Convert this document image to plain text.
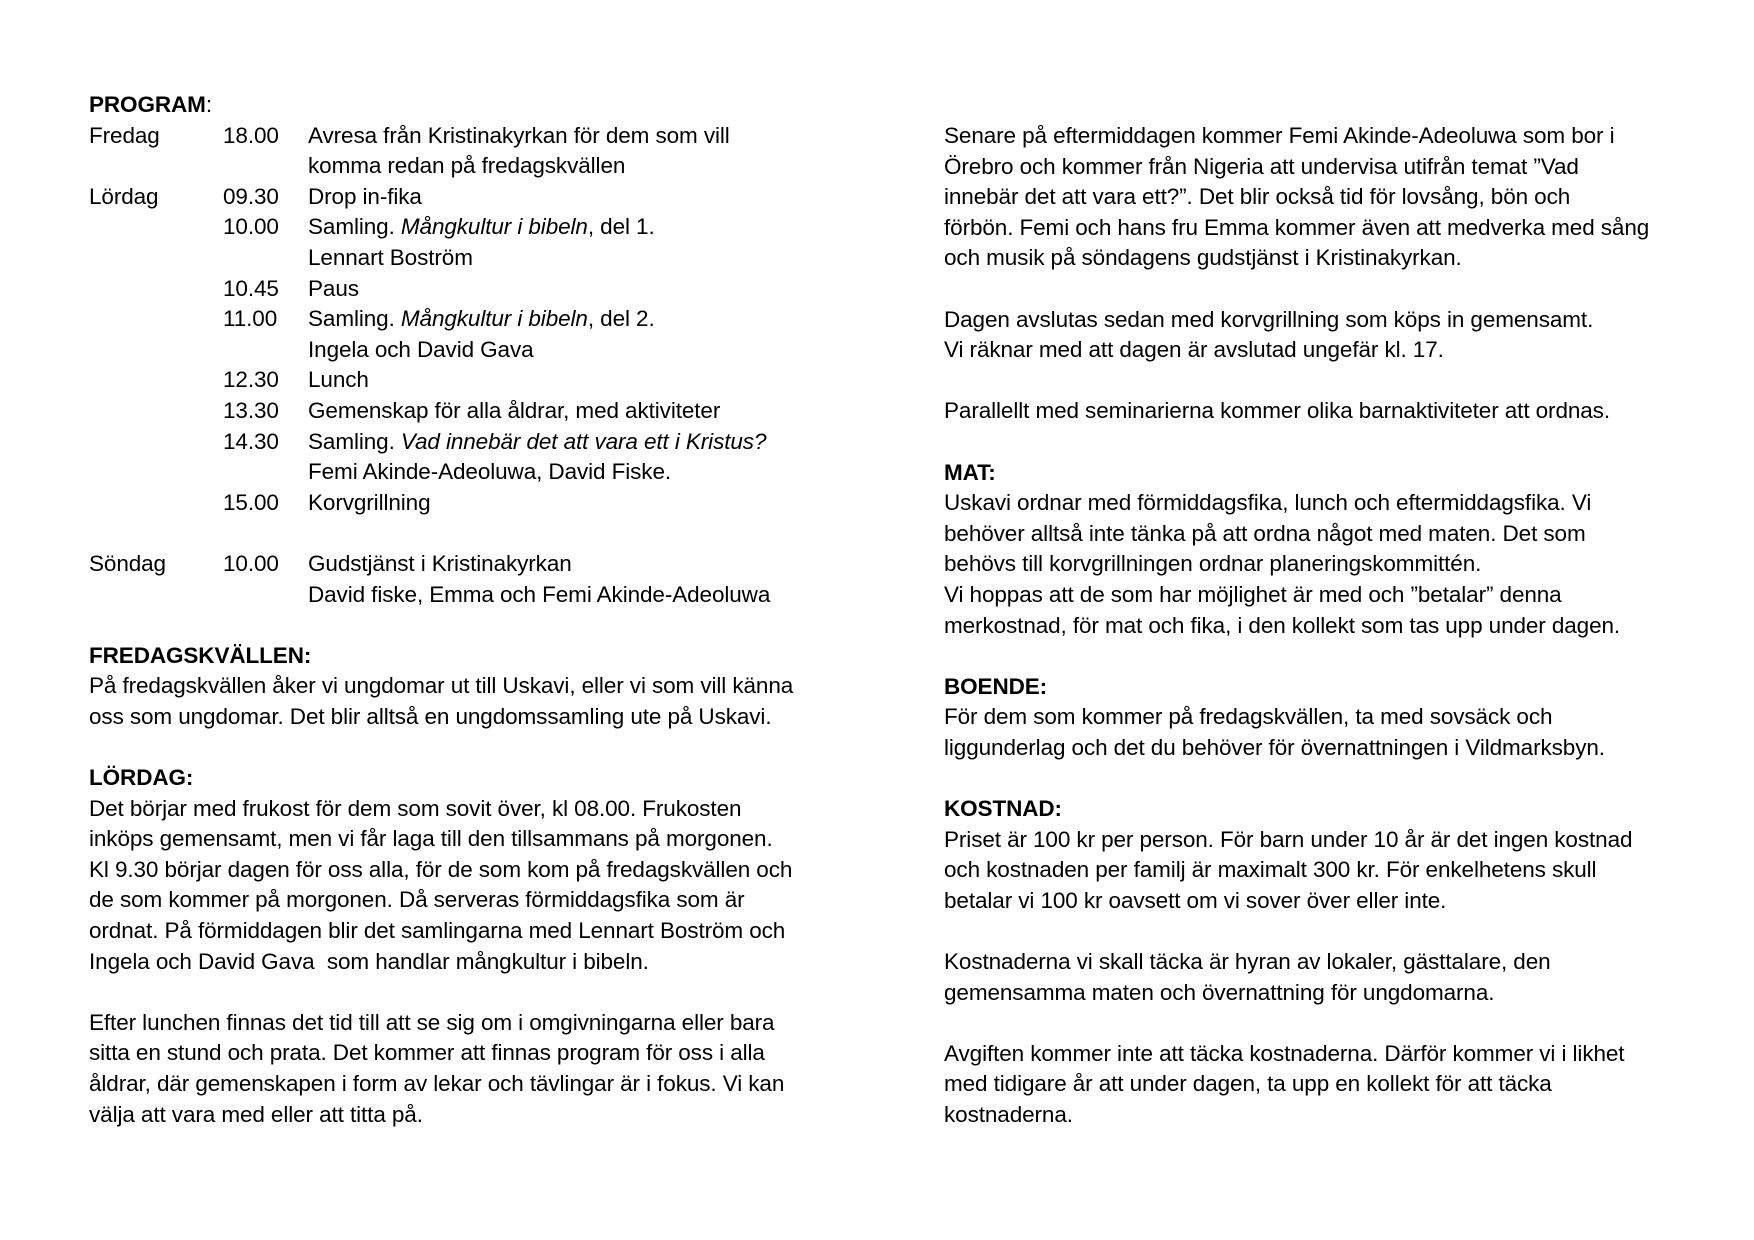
PROGRAM:
Fredag	18.00	Avresa från Kristinakyrkan för dem som vill
komma redan på fredagskvällen
Lördag	09.30	Drop in-fika
10.00	Samling. Mångkultur i bibeln, del 1.
Lennart Boström
10.45	Paus
11.00	Samling. Mångkultur i bibeln, del 2.
Ingela och David Gava
12.30	Lunch
13.30	Gemenskap för alla åldrar, med aktiviteter
14.30	Samling. Vad innebär det att vara ett i Kristus?
Femi Akinde-Adeoluwa, David Fiske.
15.00	Korvgrillning
Söndag	10.00	Gudstjänst i Kristinakyrkan
David fiske, Emma och Femi Akinde-Adeoluwa
FREDAGSKVÄLLEN:
På fredagskvällen åker vi ungdomar ut till Uskavi, eller vi som vill känna
oss som ungdomar. Det blir alltså en ungdomssamling ute på Uskavi.
LÖRDAG:
Det börjar med frukost för dem som sovit över, kl 08.00. Frukosten
inköps gemensamt, men vi får laga till den tillsammans på morgonen.
Kl 9.30 börjar dagen för oss alla, för de som kom på fredagskvällen och
de som kommer på morgonen. Då serveras förmiddagsfika som är
ordnat. På förmiddagen blir det samlingarna med Lennart Boström och
Ingela och David Gava  som handlar mångkultur i bibeln.
Efter lunchen finnas det tid till att se sig om i omgivningarna eller bara
sitta en stund och prata. Det kommer att finnas program för oss i alla
åldrar, där gemenskapen i form av lekar och tävlingar är i fokus. Vi kan
välja att vara med eller att titta på.
Senare på eftermiddagen kommer Femi Akinde-Adeoluwa som bor i
Örebro och kommer från Nigeria att undervisa utifrån temat ”Vad
innebär det att vara ett?”. Det blir också tid för lovsång, bön och
förbön. Femi och hans fru Emma kommer även att medverka med sång
och musik på söndagens gudstjänst i Kristinakyrkan.
Dagen avslutas sedan med korvgrillning som köps in gemensamt.
Vi räknar med att dagen är avslutad ungefär kl. 17.
Parallellt med seminarierna kommer olika barnaktiviteter att ordnas.
MAT:
Uskavi ordnar med förmiddagsfika, lunch och eftermiddagsfika. Vi
behöver alltså inte tänka på att ordna något med maten. Det som
behövs till korvgrillningen ordnar planeringskommittén.
Vi hoppas att de som har möjlighet är med och ”betalar” denna
merkostnad, för mat och fika, i den kollekt som tas upp under dagen.
BOENDE:
För dem som kommer på fredagskvällen, ta med sovsäck och
liggunderlag och det du behöver för övernattningen i Vildmarksbyn.
KOSTNAD:
Priset är 100 kr per person. För barn under 10 år är det ingen kostnad
och kostnaden per familj är maximalt 300 kr. För enkelhetens skull
betalar vi 100 kr oavsett om vi sover över eller inte.
Kostnaderna vi skall täcka är hyran av lokaler, gästtalare, den
gemensamma maten och övernattning för ungdomarna.
Avgiften kommer inte att täcka kostnaderna. Därför kommer vi i likhet
med tidigare år att under dagen, ta upp en kollekt för att täcka
kostnaderna.
